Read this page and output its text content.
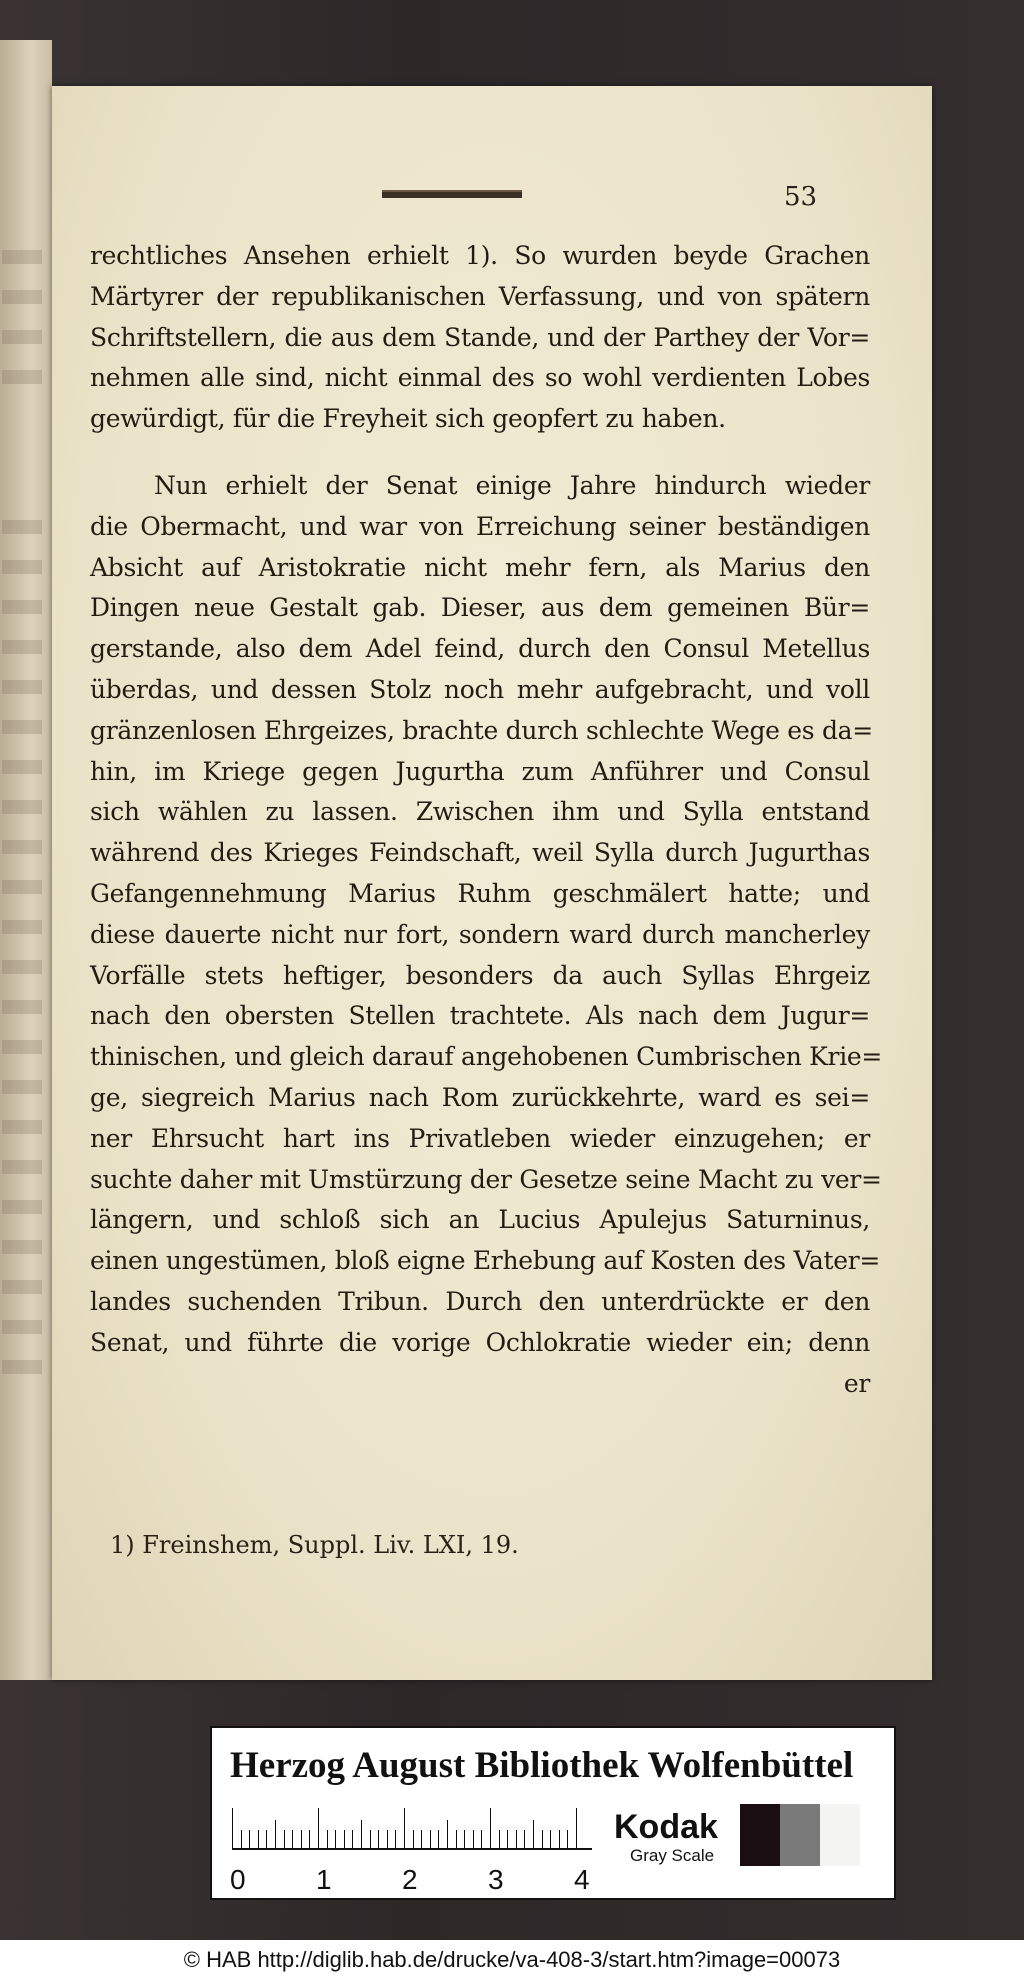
53
rechtliches Ansehen erhielt 1). So wurden beyde Grachen
Märtyrer der republikanischen Verfassung, und von spätern
Schriftstellern, die aus dem Stande, und der Parthey der Vor=
nehmen alle sind, nicht einmal des so wohl verdienten Lobes
gewürdigt, für die Freyheit sich geopfert zu haben.
Nun erhielt der Senat einige Jahre hindurch wieder
die Obermacht, und war von Erreichung seiner beständigen
Absicht auf Aristokratie nicht mehr fern, als Marius den
Dingen neue Gestalt gab. Dieser, aus dem gemeinen Bür=
gerstande, also dem Adel feind, durch den Consul Metellus
überdas, und dessen Stolz noch mehr aufgebracht, und voll
gränzenlosen Ehrgeizes, brachte durch schlechte Wege es da=
hin, im Kriege gegen Jugurtha zum Anführer und Consul
sich wählen zu lassen. Zwischen ihm und Sylla entstand
während des Krieges Feindschaft, weil Sylla durch Jugurthas
Gefangennehmung Marius Ruhm geschmälert hatte; und
diese dauerte nicht nur fort, sondern ward durch mancherley
Vorfälle stets heftiger, besonders da auch Syllas Ehrgeiz
nach den obersten Stellen trachtete. Als nach dem Jugur=
thinischen, und gleich darauf angehobenen Cumbrischen Krie=
ge, siegreich Marius nach Rom zurückkehrte, ward es sei=
ner Ehrsucht hart ins Privatleben wieder einzugehen; er
suchte daher mit Umstürzung der Gesetze seine Macht zu ver=
längern, und schloß sich an Lucius Apulejus Saturninus,
einen ungestümen, bloß eigne Erhebung auf Kosten des Vater=
landes suchenden Tribun. Durch den unterdrückte er den
Senat, und führte die vorige Ochlokratie wieder ein; denn
er
1) Freinshem, Suppl. Liv. LXI, 19.
Herzog August Bibliothek Wolfenbüttel
0	1	2	3	4
Kodak
Gray Scale
© HAB http://diglib.hab.de/drucke/va-408-3/start.htm?image=00073
